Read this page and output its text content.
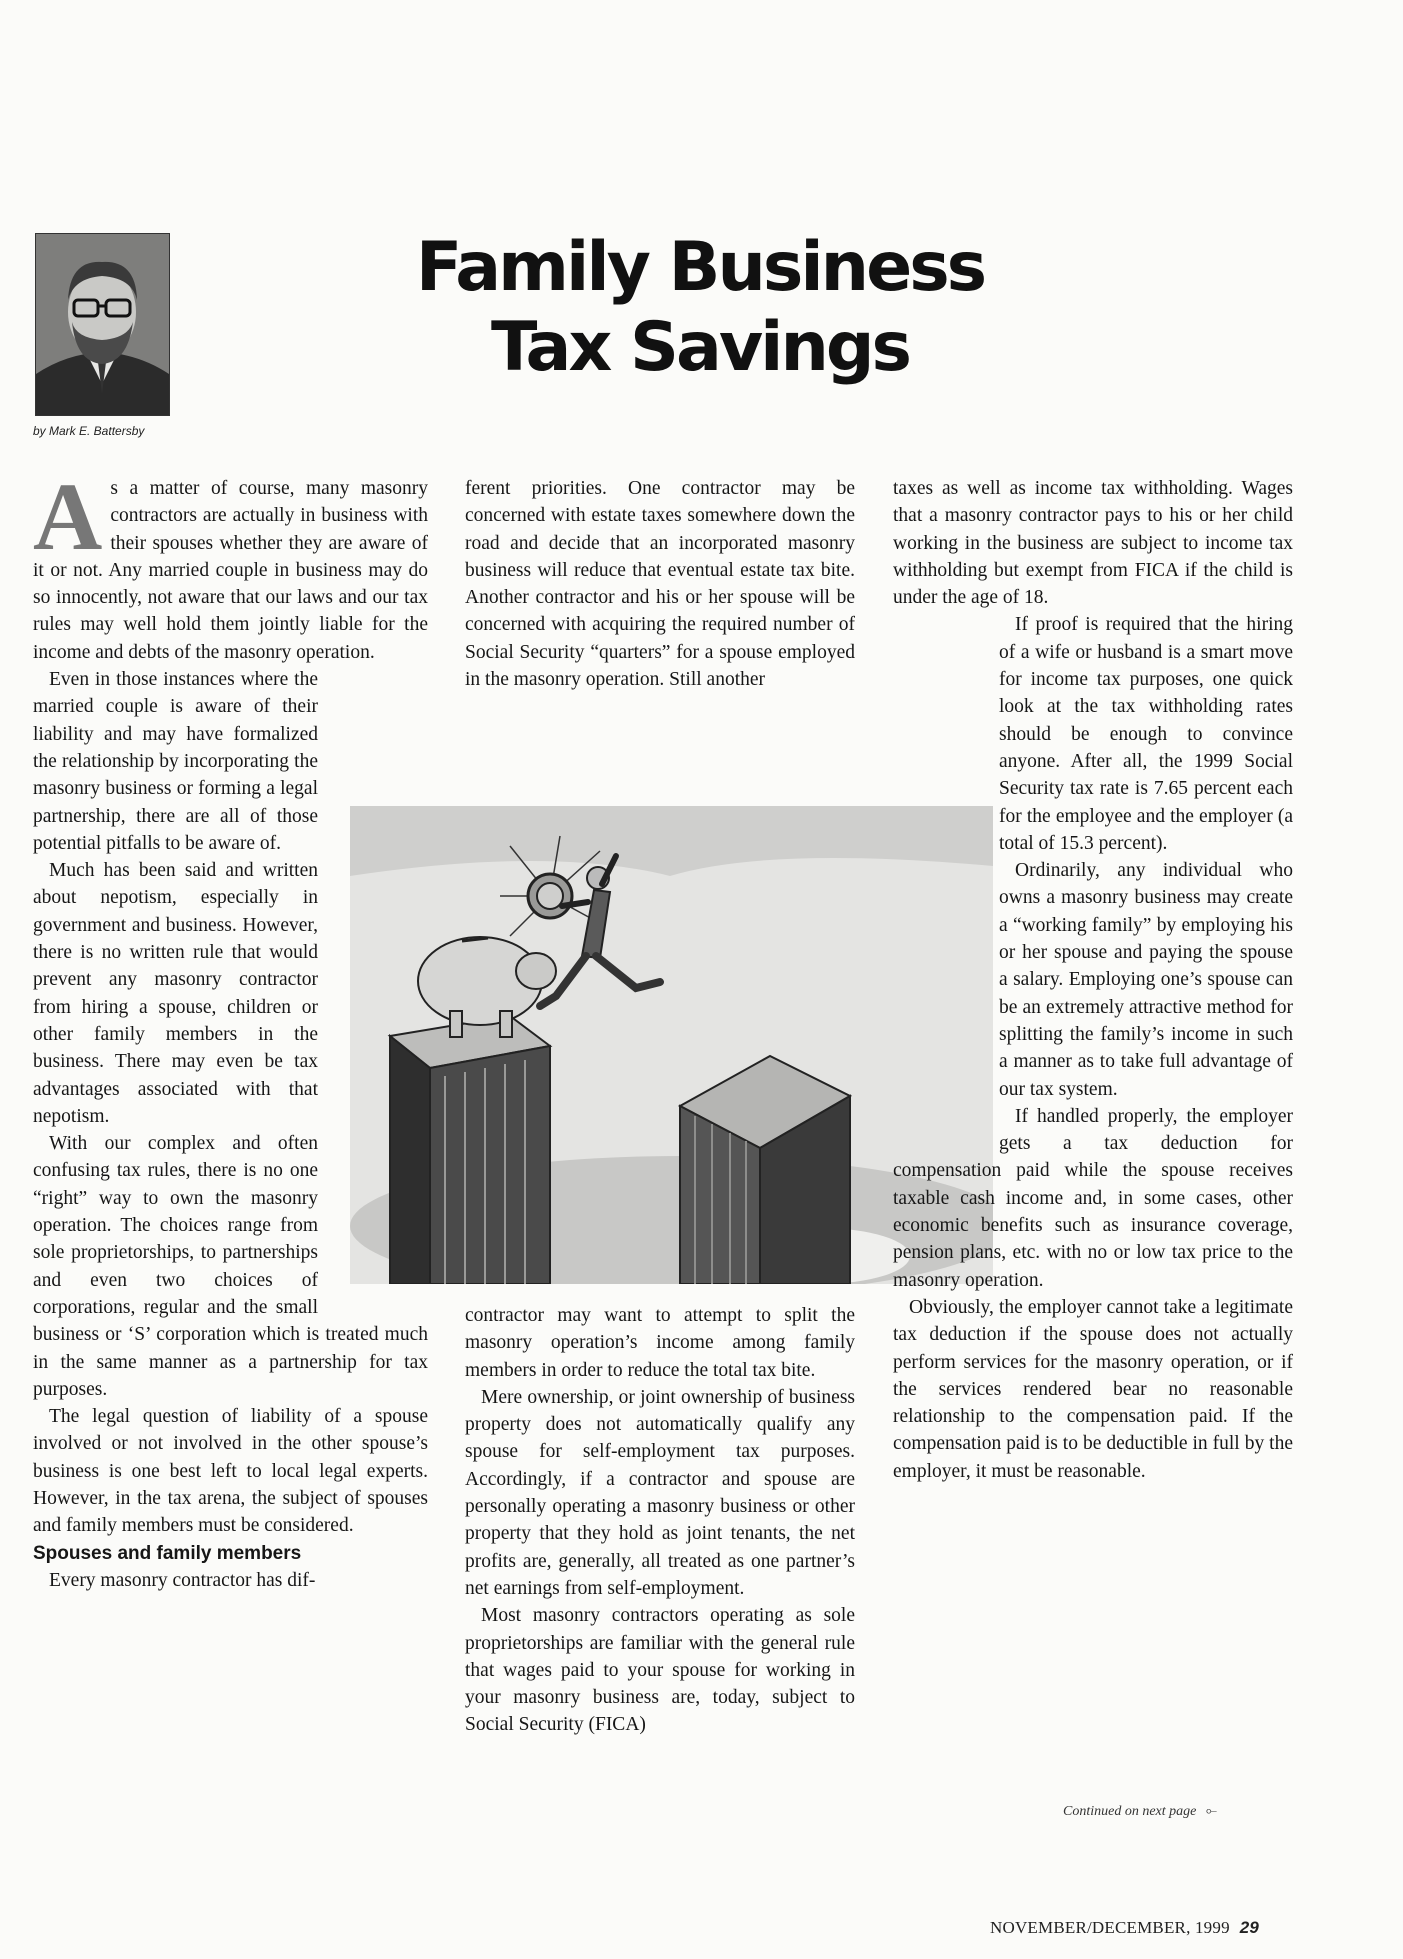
by Mark E. Battersby
Family Business
Tax Savings

As a matter of course, many masonry contractors are actually in business with their spouses whether they are aware of it or not. Any married couple in business may do so innocently, not aware that our laws and our tax rules may well hold them jointly liable for the income and debts of the masonry operation.

Even in those instances where the married couple is aware of their liability and may have formalized the relationship by incorporating the masonry business or forming a legal partnership, there are all of those potential pitfalls to be aware of.

Much has been said and written about nepotism, especially in government and business. However, there is no written rule that would prevent any masonry contractor from hiring a spouse, children or other family members in the business. There may even be tax advantages associated with that nepotism.

With our complex and often confusing tax rules, there is no one “right” way to own the masonry operation. The choices range from sole proprietorships, to partnerships and even two choices of corporations, regular and the small business or ‘S’ corporation which is treated much in the same manner as a partnership for tax purposes.

The legal question of liability of a spouse involved or not involved in the other spouse’s business is one best left to local legal experts. However, in the tax arena, the subject of spouses and family members must be considered.

Spouses and family members

Every masonry contractor has dif-

ferent priorities. One contractor may be concerned with estate taxes somewhere down the road and decide that an incorporated masonry business will reduce that eventual estate tax bite. Another contractor and his or her spouse will be concerned with acquiring the required number of Social Security “quarters” for a spouse employed in the masonry operation. Still another

contractor may want to attempt to split the masonry operation’s income among family members in order to reduce the total tax bite.

Mere ownership, or joint ownership of business property does not automatically qualify any spouse for self-employment tax purposes. Accordingly, if a contractor and spouse are personally operating a masonry business or other property that they hold as joint tenants, the net profits are, generally, all treated as one partner’s net earnings from self-employment.

Most masonry contractors operating as sole proprietorships are familiar with the general rule that wages paid to your spouse for working in your masonry business are, today, subject to Social Security (FICA)

taxes as well as income tax withholding. Wages that a masonry contractor pays to his or her child working in the business are subject to income tax withholding but exempt from FICA if the child is under the age of 18.

If proof is required that the hiring of a wife or husband is a smart move for income tax purposes, one quick look at the tax withholding rates should be enough to convince anyone. After all, the 1999 Social Security tax rate is 7.65 percent each for the employee and the employer (a total of 15.3 percent).

Ordinarily, any individual who owns a masonry business may create a “working family” by employing his or her spouse and paying the spouse a salary. Employing one’s spouse can be an extremely attractive method for splitting the family’s income in such a manner as to take full advantage of our tax system.

If handled properly, the employer gets a tax deduction for compensation paid while the spouse receives taxable cash income and, in some cases, other economic benefits such as insurance coverage, pension plans, etc. with no or low tax price to the masonry operation.

Obviously, the employer cannot take a legitimate tax deduction if the spouse does not actually perform services for the masonry operation, or if the services rendered bear no reasonable relationship to the compensation paid. If the compensation paid is to be deductible in full by the employer, it must be reasonable.

Continued on next page ⟜
NOVEMBER/DECEMBER, 1999 29
